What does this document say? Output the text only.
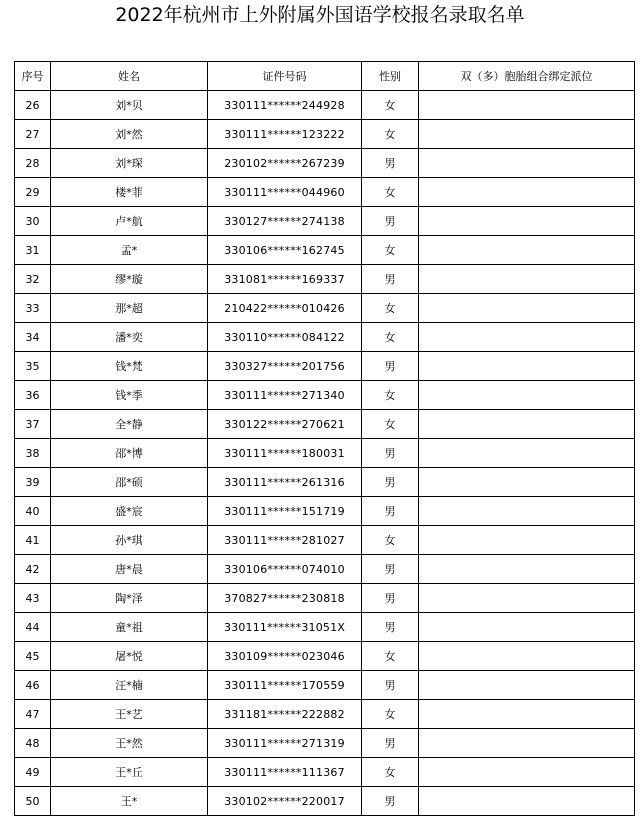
2022年杭州市上外附属外国语学校报名录取名单
序号	姓名	证件号码	性别	双（多）胞胎组合绑定派位
26	刘*贝	330111******244928	女	
27	刘*然	330111******123222	女	
28	刘*琛	230102******267239	男	
29	楼*菲	330111******044960	女	
30	卢*航	330127******274138	男	
31	孟*	330106******162745	女	
32	缪*璇	331081******169337	男	
33	那*超	210422******010426	女	
34	潘*奕	330110******084122	女	
35	钱*梵	330327******201756	男	
36	钱*季	330111******271340	女	
37	全*静	330122******270621	女	
38	邵*博	330111******180031	男	
39	邵*硕	330111******261316	男	
40	盛*宸	330111******151719	男	
41	孙*琪	330111******281027	女	
42	唐*晨	330106******074010	男	
43	陶*泽	370827******230818	男	
44	童*祖	330111******31051X	男	
45	屠*悦	330109******023046	女	
46	汪*楠	330111******170559	男	
47	王*艺	331181******222882	女	
48	王*然	330111******271319	男	
49	王*丘	330111******111367	女	
50	王*	330102******220017	男	
